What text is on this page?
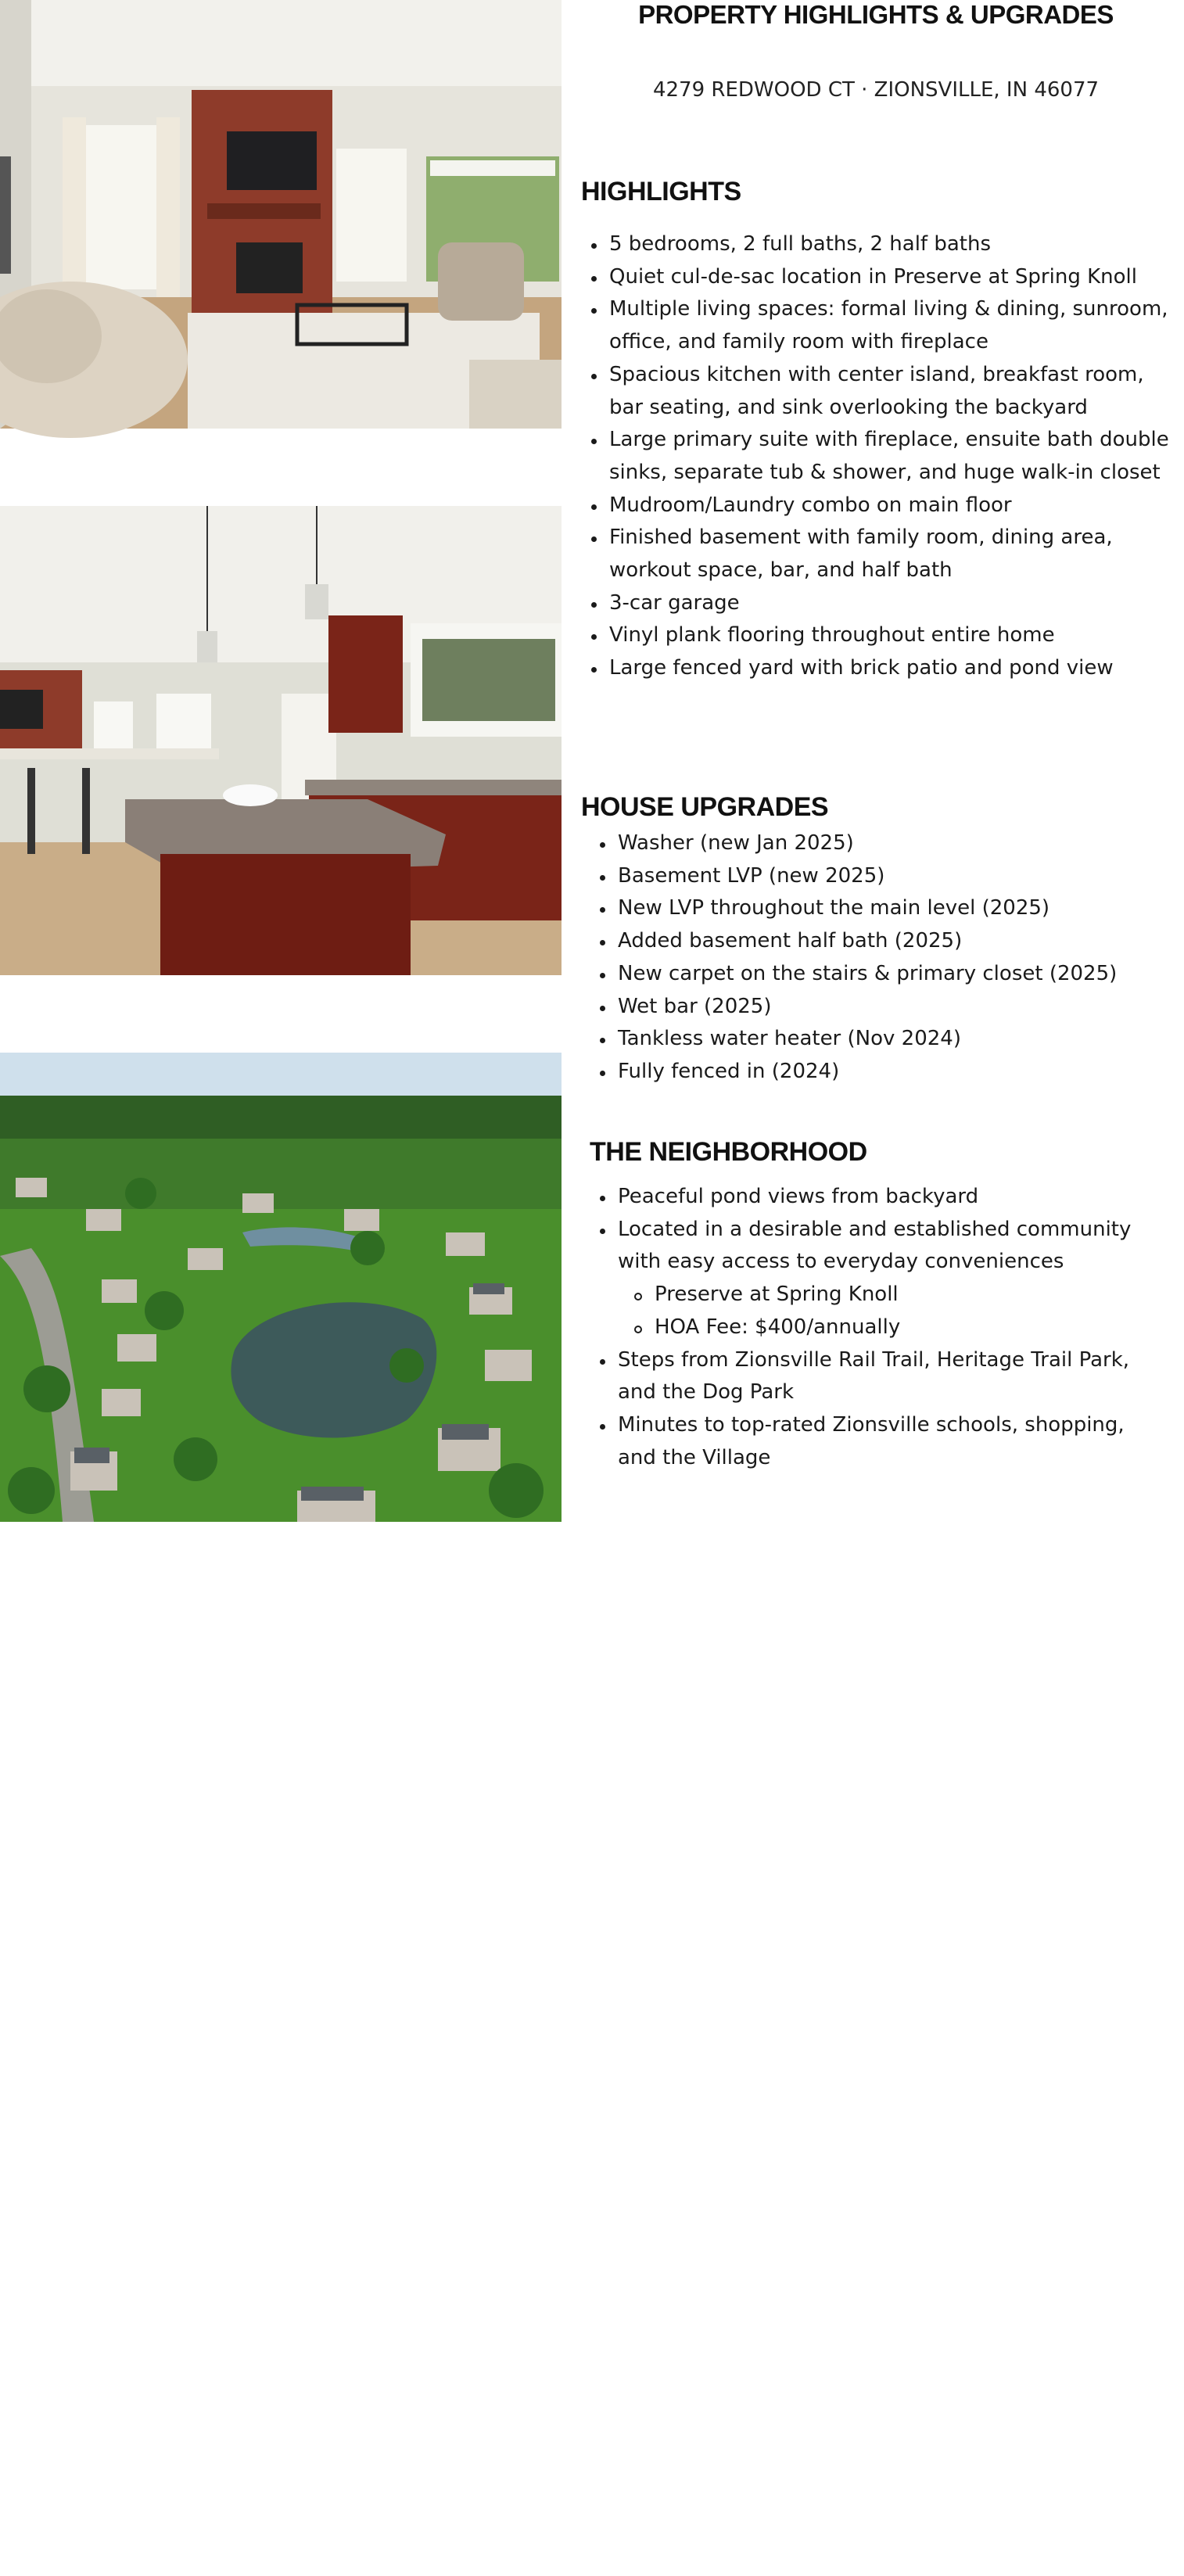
MIBOR BLC
PROPERTY HIGHLIGHTS & UPGRADES
4279 REDWOOD CT · ZIONSVILLE, IN 46077
HIGHLIGHTS
5 bedrooms, 2 full baths, 2 half baths
Quiet cul-de-sac location in Preserve at Spring Knoll
Multiple living spaces: formal living & dining, sunroom, office, and family room with fireplace
Spacious kitchen with center island, breakfast room, bar seating, and sink overlooking the backyard
Large primary suite with fireplace, ensuite bath double sinks, separate tub & shower, and huge walk-in closet
Mudroom/Laundry combo on main floor
Finished basement with family room, dining area, workout space, bar, and half bath
3-car garage
Vinyl plank flooring throughout entire home
Large fenced yard with brick patio and pond view
HOUSE UPGRADES
Washer (new Jan 2025)
Basement LVP (new 2025)
New LVP throughout the main level (2025)
Added basement half bath (2025)
New carpet on the stairs & primary closet (2025)
Wet bar (2025)
Tankless water heater (Nov 2024)
Fully fenced in (2024)
THE NEIGHBORHOOD
Peaceful pond views from backyard
Located in a desirable and established community with easy access to everyday conveniences
Preserve at Spring Knoll
HOA Fee: $400/annually
Steps from Zionsville Rail Trail, Heritage Trail Park, and the Dog Park
Minutes to top-rated Zionsville schools, shopping, and the Village
